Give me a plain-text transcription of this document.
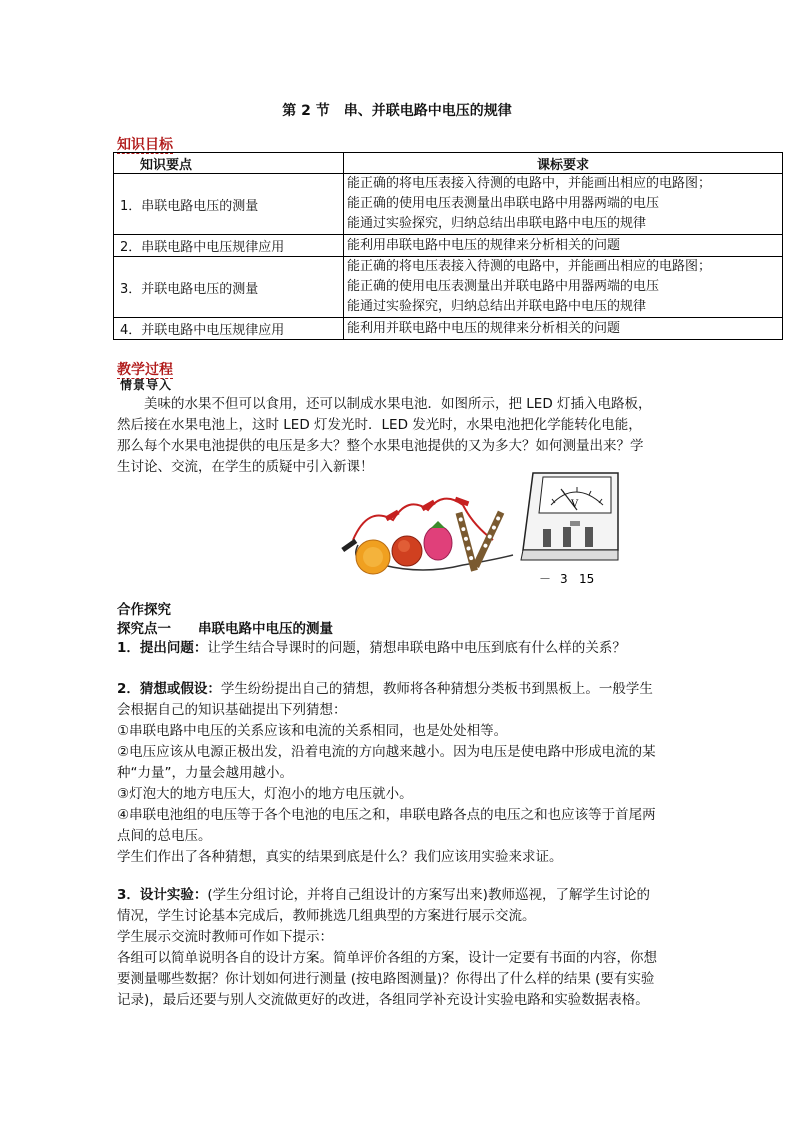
第 2 节　串、并联电路中电压的规律
知识目标
知识要点	课标要求
1．串联电路电压的测量	能正确的将电压表接入待测的电路中，并能画出相应的电路图；
能正确的使用电压表测量出串联电路中用器两端的电压
能通过实验探究，归纳总结出串联电路中电压的规律

2．串联电路中电压规律应用	能利用串联电路中电压的规律来分析相关的问题

3．并联电路电压的测量	能正确的将电压表接入待测的电路中，并能画出相应的电路图；
能正确的使用电压表测量出并联电路中用器两端的电压
能通过实验探究，归纳总结出并联电路中电压的规律

4．并联电路中电压规律应用	能利用并联电路中电压的规律来分析相关的问题
教学过程
情景导入
　　美味的水果不但可以食用，还可以制成水果电池．如图所示，把 LED 灯插入电路板，
然后接在水果电池上，这时 LED 灯发光时．LED 发光时，水果电池把化学能转化电能，
那么每个水果电池提供的电压是多大？整个水果电池提供的又为多大？如何测量出来？学
生讨论、交流，在学生的质疑中引入新课！
V
－ 3 15
合作探究
探究点一　　串联电路中电压的测量
1．提出问题：让学生结合导课时的问题，猜想串联电路中电压到底有什么样的关系？
2．猜想或假设：学生纷纷提出自己的猜想，教师将各种猜想分类板书到黑板上。一般学生
会根据自己的知识基础提出下列猜想：
①串联电路中电压的关系应该和电流的关系相同，也是处处相等。
②电压应该从电源正极出发，沿着电流的方向越来越小。因为电压是使电路中形成电流的某
种“力量”，力量会越用越小。
③灯泡大的地方电压大，灯泡小的地方电压就小。
④串联电池组的电压等于各个电池的电压之和，串联电路各点的电压之和也应该等于首尾两
点间的总电压。
学生们作出了各种猜想，真实的结果到底是什么？我们应该用实验来求证。
3．设计实验：(学生分组讨论，并将自己组设计的方案写出来)教师巡视，了解学生讨论的
情况，学生讨论基本完成后，教师挑选几组典型的方案进行展示交流。
学生展示交流时教师可作如下提示：
各组可以简单说明各自的设计方案。简单评价各组的方案，设计一定要有书面的内容，你想
要测量哪些数据？你计划如何进行测量 (按电路图测量)？你得出了什么样的结果 (要有实验
记录)，最后还要与别人交流做更好的改进，各组同学补充设计实验电路和实验数据表格。
